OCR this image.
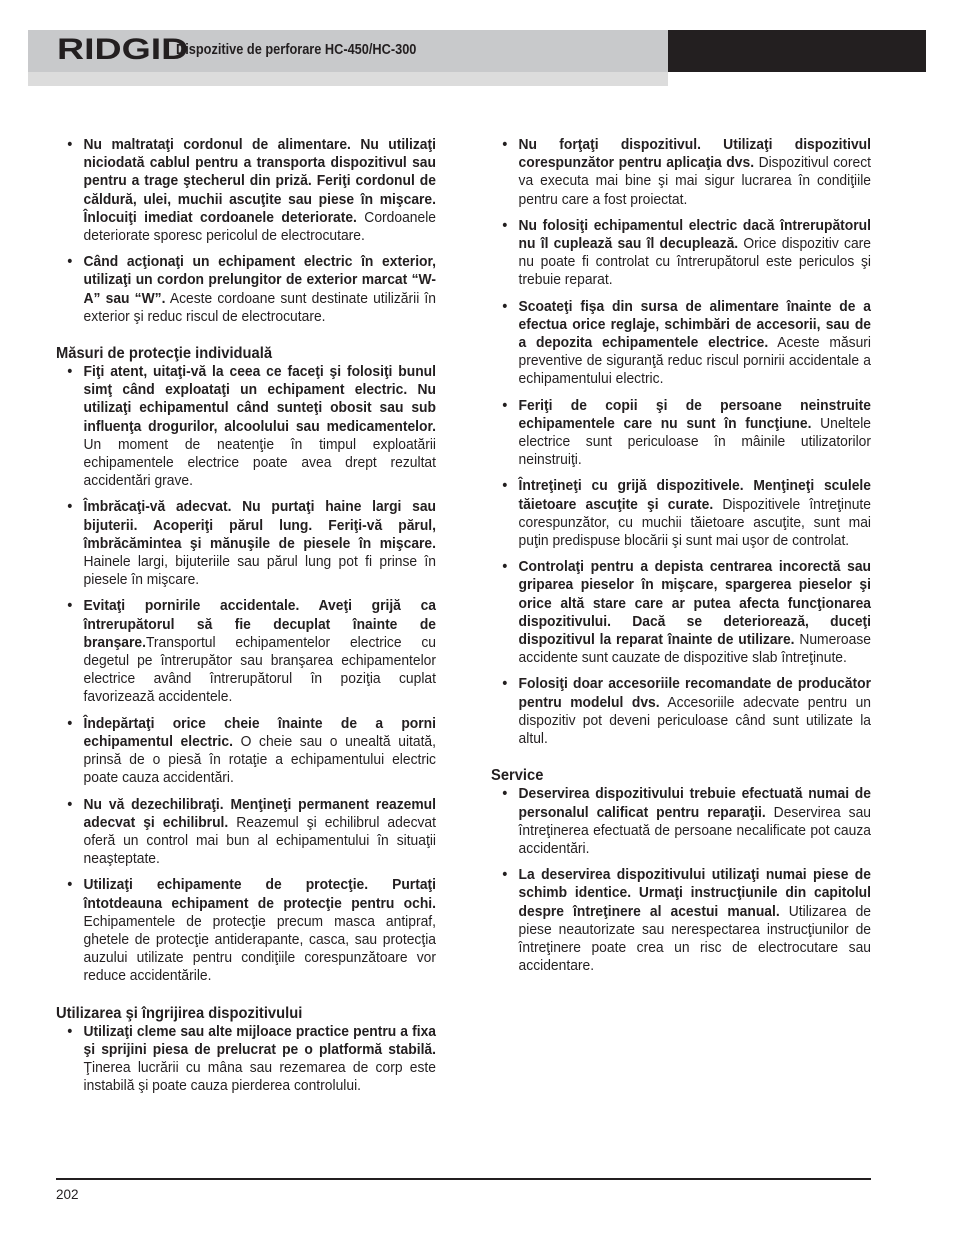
RIDGID
Dispozitive de perforare HC-450/HC-300
• Nu maltrataţi cordonul de alimentare. Nu utilizaţi niciodată cablul pentru a transporta dispozitivul sau pentru a trage ştecherul din priză. Feriţi cordonul de căldură, ulei, muchii ascuţite sau piese în mişcare. Înlocuiţi imediat cordoanele deteriorate. Cordoanele deteriorate sporesc pericolul de electrocutare.
• Când acţionaţi un echipament electric în exterior, utilizaţi un cordon prelungitor de exterior marcat “W-A” sau “W”. Aceste cordoane sunt destinate utilizării în exterior şi reduc riscul de electrocutare.
Măsuri de protecţie individuală
• Fiţi atent, uitaţi-vă la ceea ce faceţi şi folosiţi bunul simţ când exploataţi un echipament electric. Nu utilizaţi echipamentul când sunteţi obosit sau sub influenţa drogurilor, alcoolului sau medicamentelor. Un moment de neatenţie în timpul exploatării echipamentele electrice poate avea drept rezultat accidentări grave.
• Îmbrăcaţi-vă adecvat. Nu purtaţi haine largi sau bijuterii. Acoperiţi părul lung. Feriţi-vă părul, îmbrăcămintea şi mănuşile de piesele în mişcare. Hainele largi, bijuteriile sau părul lung pot fi prinse în piesele în mişcare.
• Evitaţi pornirile accidentale. Aveţi grijă ca întrerupătorul să fie decuplat înainte de branşare.Transportul echipamentelor electrice cu degetul pe întrerupător sau branşarea echipamentelor electrice având întrerupătorul în poziţia cuplat favorizează accidentele.
• Îndepărtaţi orice cheie înainte de a porni echipamentul electric. O cheie sau o unealtă uitată, prinsă de o piesă în rotaţie a echipamentului electric poate cauza accidentări.
• Nu vă dezechilibraţi. Menţineţi permanent reazemul adecvat şi echilibrul. Reazemul şi echilibrul adecvat oferă un control mai bun al echipamentului în situaţii neaşteptate.
• Utilizaţi echipamente de protecţie. Purtaţi întotdeauna echipament de protecţie pentru ochi. Echipamentele de protecţie precum masca antipraf, ghetele de protecţie antiderapante, casca, sau protecţia auzului utilizate pentru condiţiile corespunzătoare vor reduce accidentările.
Utilizarea şi îngrijirea dispozitivului
• Utilizaţi cleme sau alte mijloace practice pentru a fixa şi sprijini piesa de prelucrat pe o platformă stabilă. Ţinerea lucrării cu mâna sau rezemarea de corp este instabilă şi poate cauza pierderea controlului.
• Nu forţaţi dispozitivul. Utilizaţi dispozitivul corespunzător pentru aplicaţia dvs. Dispozitivul corect va executa mai bine şi mai sigur lucrarea în condiţiile pentru care a fost proiectat.
• Nu folosiţi echipamentul electric dacă întrerupătorul nu îl cuplează sau îl decuplează. Orice dispozitiv care nu poate fi controlat cu întrerupătorul este periculos şi trebuie reparat.
• Scoateţi fişa din sursa de alimentare înainte de a efectua orice reglaje, schimbări de accesorii, sau de a depozita echipamentele electrice. Aceste măsuri preventive de siguranţă reduc riscul pornirii accidentale a echipamentului electric.
• Feriţi de copii şi de persoane neinstruite echipamentele care nu sunt în funcţiune. Uneltele electrice sunt periculoase în mâinile utilizatorilor neinstruiţi.
• Întreţineţi cu grijă dispozitivele. Menţineţi sculele tăietoare ascuţite şi curate. Dispozitivele întreţinute corespunzător, cu muchii tăietoare ascuţite, sunt mai puţin predispuse blocării şi sunt mai uşor de controlat.
• Controlaţi pentru a depista centrarea incorectă sau griparea pieselor în mişcare, spargerea pieselor şi orice altă stare care ar putea afecta funcţionarea dispozitivului. Dacă se deteriorează, duceţi dispozitivul la reparat înainte de utilizare. Numeroase accidente sunt cauzate de dispozitive slab întreţinute.
• Folosiţi doar accesoriile recomandate de producător pentru modelul dvs. Accesoriile adecvate pentru un dispozitiv pot deveni periculoase când sunt utilizate la altul.
Service
• Deservirea dispozitivului trebuie efectuată numai de personalul calificat pentru reparaţii. Deservirea sau întreţinerea efectuată de persoane necalificate pot cauza accidentări.
• La deservirea dispozitivului utilizaţi numai piese de schimb identice. Urmaţi instrucţiunile din capitolul despre întreţinere al acestui manual. Utilizarea de piese neautorizate sau nerespectarea instrucţiunilor de întreţinere poate crea un risc de electrocutare sau accidentare.
202
